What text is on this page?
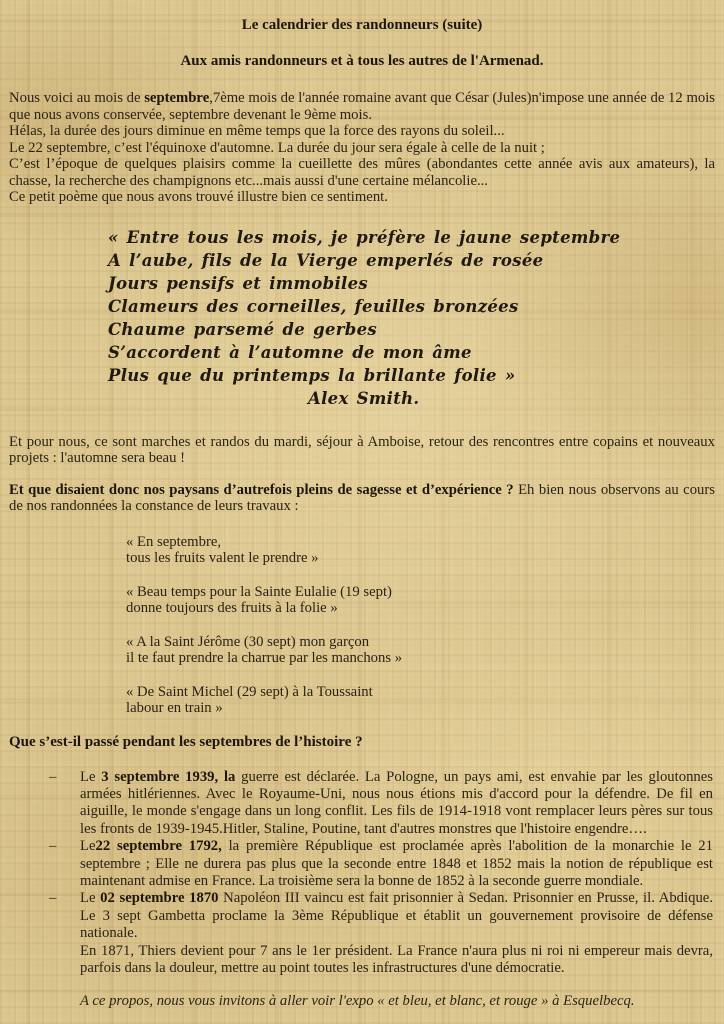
Le calendrier des randonneurs (suite)
Aux amis randonneurs et à tous les autres de l'Armenad.

Nous voici au mois de septembre,7ème mois de l'année romaine avant que César (Jules)n'impose une année de 12 mois que nous avons conservée, septembre devenant le 9ème mois.
Hélas, la durée des jours diminue en même temps que la force des rayons du soleil...
Le 22 septembre, c’est l'équinoxe d'automne. La durée du jour sera égale à celle de la nuit ;
C’est l’époque de quelques plaisirs comme la cueillette des mûres (abondantes cette année avis aux amateurs), la chasse, la recherche des champignons etc...mais aussi d'une certaine mélancolie...
Ce petit poème que nous avons trouvé illustre bien ce sentiment.

« Entre tous les mois, je préfère le jaune septembre
A l’aube, fils de la Vierge emperlés de rosée
Jours pensifs et immobiles
Clameurs des corneilles, feuilles bronzées
Chaume parsemé de gerbes
S’accordent à l’automne de mon âme
Plus que du printemps la brillante folie »
Alex Smith.

Et pour nous, ce sont marches et randos du mardi, séjour à Amboise, retour des rencontres entre copains et nouveaux projets : l'automne sera beau !

Et que disaient donc nos paysans d’autrefois pleins de sagesse et d’expérience ? Eh bien nous observons au cours de nos randonnées la constance de leurs travaux :

« En septembre,
tous les fruits valent le prendre »
« Beau temps pour la Sainte Eulalie (19 sept)
donne toujours des fruits à la folie »
« A la Saint Jérôme (30 sept) mon garçon
il te faut prendre la charrue par les manchons »
« De Saint Michel (29 sept) à la Toussaint
labour en train »
Que s’est-il passé pendant les septembres de l’histoire ?
–	Le 3 septembre 1939, la guerre est déclarée. La Pologne, un pays ami, est envahie par les gloutonnes armées hitlériennes. Avec le Royaume-Uni, nous nous étions mis d'accord pour la défendre. De fil en aiguille, le monde s'engage dans un long conflit. Les fils de 1914-1918 vont remplacer leurs pères sur tous les fronts de 1939-1945.Hitler, Staline, Poutine, tant d'autres monstres que l'histoire engendre….
–	Le22 septembre 1792, la première République est proclamée après l'abolition de la monarchie le 21 septembre ; Elle ne durera pas plus que la seconde entre 1848 et 1852 mais la notion de république est maintenant admise en France. La troisième sera la bonne de 1852 à la seconde guerre mondiale.
–	Le 02 septembre 1870 Napoléon III vaincu est fait prisonnier à Sedan. Prisonnier en Prusse, il. Abdique. Le 3 sept Gambetta proclame la 3ème République et établit un gouvernement provisoire de défense nationale.
En 1871, Thiers devient pour 7 ans le 1er président. La France n'aura plus ni roi ni empereur mais devra, parfois dans la douleur, mettre au point toutes les infrastructures d'une démocratie.

A ce propos, nous vous invitons à aller voir l'expo « et bleu, et blanc, et rouge » à Esquelbecq.
